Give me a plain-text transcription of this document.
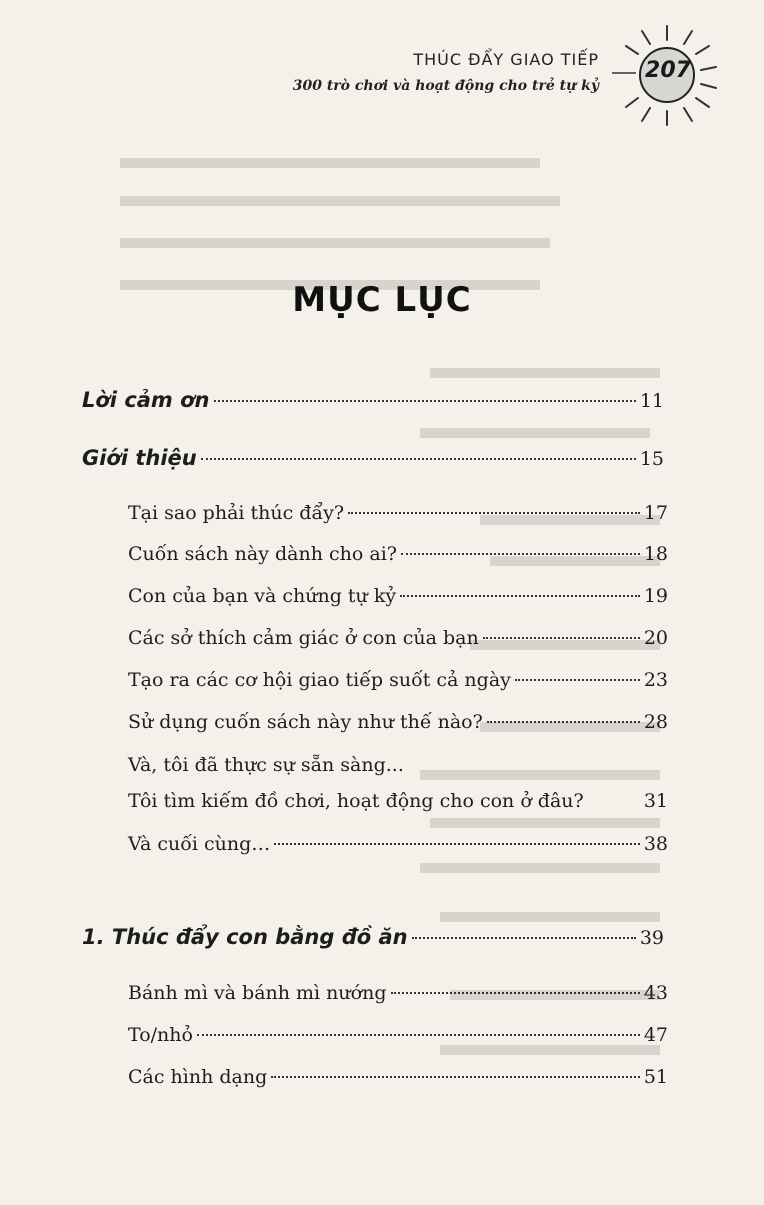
THÚC ĐẨY GIAO TIẾP
300 trò chơi và hoạt động cho trẻ tự kỷ
207
MỤC LỤC
Lời cảm ơn	11
Giới thiệu	15
Tại sao phải thúc đẩy?	17
Cuốn sách này dành cho ai?	18
Con của bạn và chứng tự kỷ	19
Các sở thích cảm giác ở con của bạn	20
Tạo ra các cơ hội giao tiếp suốt cả ngày	23
Sử dụng cuốn sách này như thế nào?	28
Và, tôi đã thực sự sẵn sàng...
Tôi tìm kiếm đồ chơi, hoạt động cho con ở đâu?	31
Và cuối cùng…	38
1. Thúc đẩy con bằng đồ ăn	39
Bánh mì và bánh mì nướng	43
To/nhỏ	47
Các hình dạng	51
